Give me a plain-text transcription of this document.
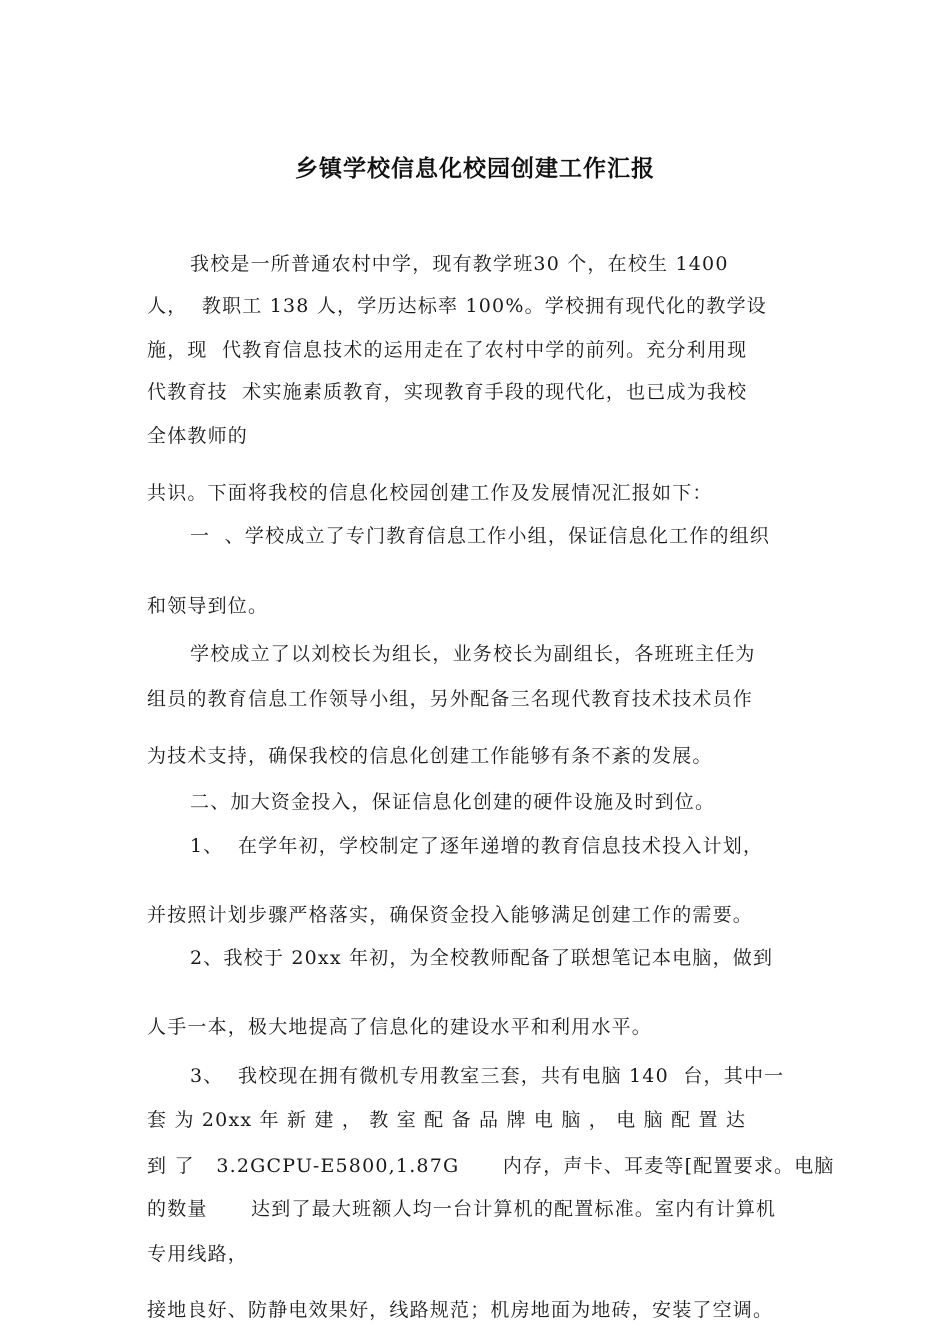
乡镇学校信息化校园创建工作汇报
我校是一所普通农村中学，现有教学班30 个，在校生 1400
人，  教职工 138 人，学历达标率 100%。学校拥有现代化的教学设
施，现  代教育信息技术的运用走在了农村中学的前列。充分利用现
代教育技  术实施素质教育，实现教育手段的现代化，也已成为我校
全体教师的
共识。下面将我校的信息化校园创建工作及发展情况汇报如下：
一  、学校成立了专门教育信息工作小组，保证信息化工作的组织
和领导到位。
学校成立了以刘校长为组长，业务校长为副组长，各班班主任为
组员的教育信息工作领导小组，另外配备三名现代教育技术技术员作
为技术支持，确保我校的信息化创建工作能够有条不紊的发展。
二、加大资金投入，保证信息化创建的硬件设施及时到位。
1、  在学年初，学校制定了逐年递增的教育信息技术投入计划，
并按照计划步骤严格落实，确保资金投入能够满足创建工作的需要。
2、我校于 20xx 年初，为全校教师配备了联想笔记本电脑，做到
人手一本，极大地提高了信息化的建设水平和利用水平。
3、  我校现在拥有微机专用教室三套，共有电脑 140  台，其中一
套 为 20xx 年 新 建 ， 教 室 配 备 品 牌 电 脑 ， 电 脑 配 置 达
到 了   3.2GCPU-E5800,1.87G      内存，声卡、耳麦等[配置要求。电脑
的数量      达到了最大班额人均一台计算机的配置标准。室内有计算机
专用线路，
接地良好、防静电效果好，线路规范；机房地面为地砖，安装了空调。
